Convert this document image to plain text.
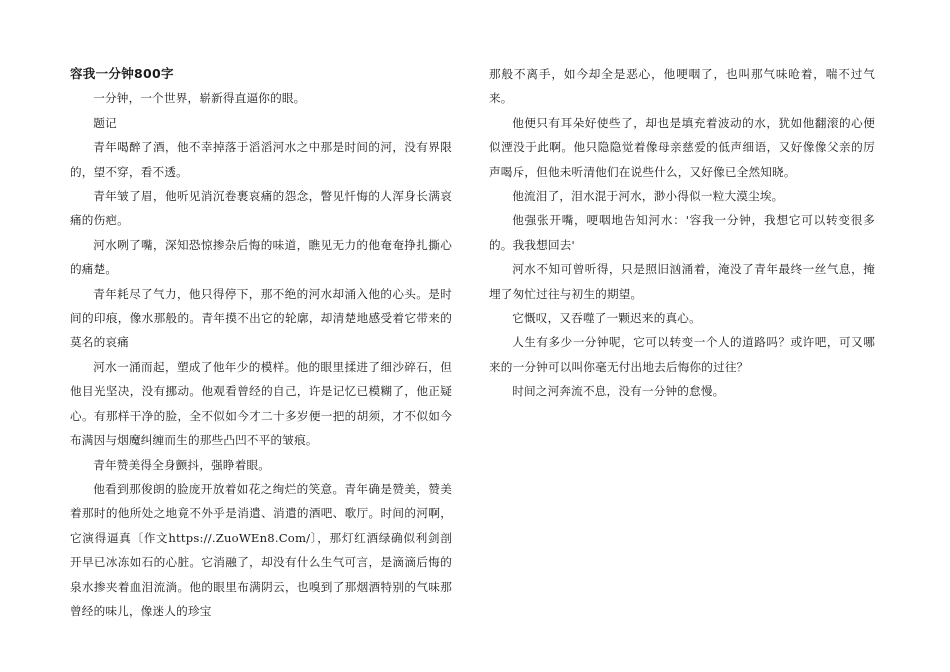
容我一分钟800字

一分钟，一个世界，崭新得直逼你的眼。

题记

青年喝醉了酒，他不幸掉落于滔滔河水之中那是时间的河，没有界限的，望不穿，看不透。

青年皱了眉，他听见消沉卷裹哀痛的怨念，瞥见忏悔的人浑身长满哀痛的伤疤。

河水咧了嘴，深知恐惊掺杂后悔的味道，瞧见无力的他奄奄挣扎撕心的痛楚。

青年耗尽了气力，他只得停下，那不绝的河水却涌入他的心头。是时间的印痕，像水那般的。青年摸不出它的轮廓，却清楚地感受着它带来的莫名的哀痛

河水一涌而起，塑成了他年少的模样。他的眼里揉进了细沙碎石，但他目光坚决，没有挪动。他观看曾经的自己，许是记忆已模糊了，他正疑心。有那样干净的脸，全不似如今才二十多岁便一把的胡须，才不似如今布满因与烟魔纠缠而生的那些凸凹不平的皱痕。

青年赞美得全身颤抖，强睁着眼。

他看到那俊朗的脸庞开放着如花之绚烂的笑意。青年确是赞美，赞美着那时的他所处之地竟不外乎是消遣、消遣的酒吧、歌厅。时间的河啊，它演得逼真〔作文https://.ZuoWEn8.Com/〕，那灯红酒绿确似利剑剖开早已冰冻如石的心脏。它消融了，却没有什么生气可言，是滴滴后悔的泉水掺夹着血泪流淌。他的眼里布满阴云，也嗅到了那烟酒特别的气味那曾经的味儿，像迷人的珍宝

那般不离手，如今却全是恶心，他哽咽了，也叫那气味呛着，喘不过气来。

他便只有耳朵好使些了，却也是填充着波动的水，犹如他翻滚的心便似湮没于此啊。他只隐隐觉着像母亲慈爱的低声细语，又好像像父亲的厉声喝斥，但他未听清他们在说些什么，又好像已全然知晓。

他流泪了，泪水混于河水，渺小得似一粒大漠尘埃。

他强张开嘴，哽咽地告知河水：'容我一分钟，我想它可以转变很多的。我我想回去'

河水不知可曾听得，只是照旧汹涌着，淹没了青年最终一丝气息，掩埋了匆忙过往与初生的期望。

它慨叹，又吞噬了一颗迟来的真心。

人生有多少一分钟呢，它可以转变一个人的道路吗？或许吧，可又哪来的一分钟可以叫你毫无付出地去后悔你的过往？

时间之河奔流不息，没有一分钟的怠慢。
